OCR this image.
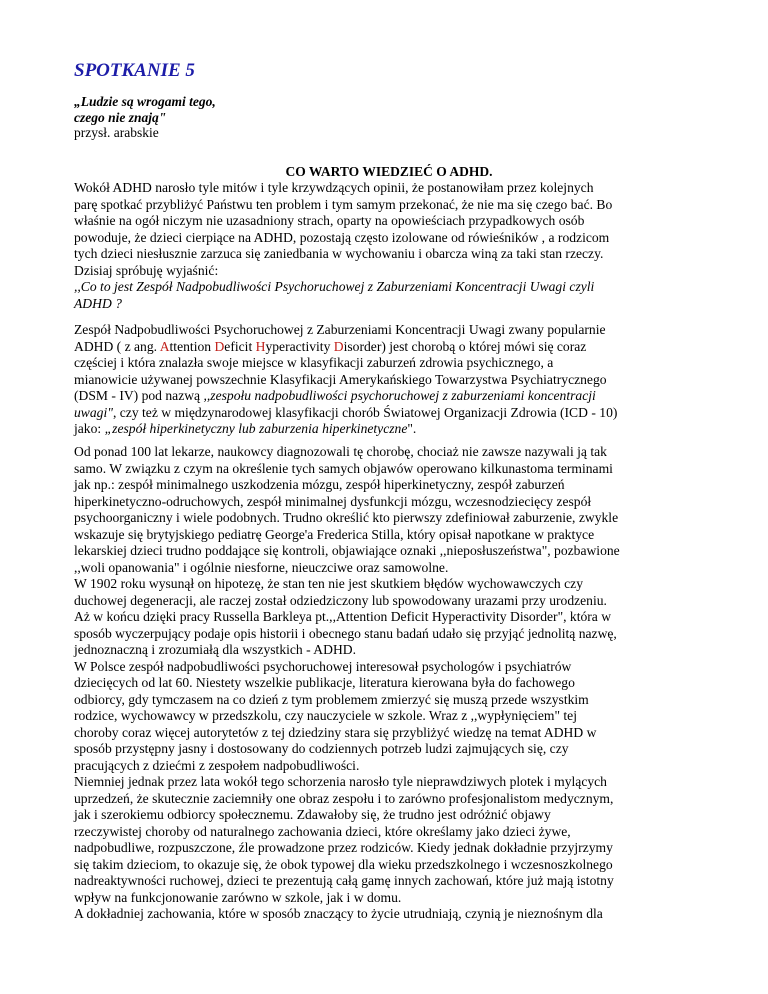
SPOTKANIE 5
„Ludzie są wrogami tego,
czego nie znają"
przysł. arabskie
CO WARTO WIEDZIEĆ O ADHD.
Wokół ADHD narosło tyle mitów i tyle krzywdzących opinii, że postanowiłam przez kolejnych
parę spotkać przybliżyć Państwu ten problem i tym samym przekonać, że nie ma się czego bać. Bo
właśnie na ogół niczym nie uzasadniony strach, oparty na opowieściach przypadkowych osób
powoduje, że dzieci cierpiące na ADHD, pozostają często izolowane od rówieśników , a rodzicom
tych dzieci niesłusznie zarzuca się zaniedbania w wychowaniu i obarcza winą za taki stan rzeczy.
Dzisiaj spróbuję wyjaśnić:
,,Co to jest Zespół Nadpobudliwości Psychoruchowej z Zaburzeniami Koncentracji Uwagi czyli
ADHD ?
Zespół Nadpobudliwości Psychoruchowej z Zaburzeniami Koncentracji Uwagi zwany popularnie
ADHD ( z ang. Attention Deficit Hyperactivity Disorder) jest chorobą o której mówi się coraz
częściej i która znalazła swoje miejsce w klasyfikacji zaburzeń zdrowia psychicznego, a
mianowicie używanej powszechnie Klasyfikacji Amerykańskiego Towarzystwa Psychiatrycznego
(DSM - IV) pod nazwą ,,zespołu nadpobudliwości psychoruchowej z zaburzeniami koncentracji
uwagi", czy też w międzynarodowej klasyfikacji chorób Światowej Organizacji Zdrowia (ICD - 10)
jako: „zespół hiperkinetyczny lub zaburzenia hiperkinetyczne".
Od ponad 100 lat lekarze, naukowcy diagnozowali tę chorobę, chociaż nie zawsze nazywali ją tak
samo. W związku z czym na określenie tych samych objawów operowano kilkunastoma terminami
jak np.: zespół minimalnego uszkodzenia mózgu, zespół hiperkinetyczny, zespół zaburzeń
hiperkinetyczno-odruchowych, zespół minimalnej dysfunkcji mózgu, wczesnodziecięcy zespół
psychoorganiczny i wiele podobnych. Trudno określić kto pierwszy zdefiniował zaburzenie, zwykle
wskazuje się brytyjskiego pediatrę George'a Frederica Stilla, który opisał napotkane w praktyce
lekarskiej dzieci trudno poddające się kontroli, objawiające oznaki ,,nieposłuszeństwa", pozbawione
,,woli opanowania" i ogólnie niesforne, nieuczciwe oraz samowolne.
W 1902 roku wysunął on hipotezę, że stan ten nie jest skutkiem błędów wychowawczych czy
duchowej degeneracji, ale raczej został odziedziczony lub spowodowany urazami przy urodzeniu.
Aż w końcu dzięki pracy Russella Barkleya pt.,,Attention Deficit Hyperactivity Disorder", która w
sposób wyczerpujący podaje opis historii i obecnego stanu badań udało się przyjąć jednolitą nazwę,
jednoznaczną i zrozumiałą dla wszystkich - ADHD.
W Polsce zespół nadpobudliwości psychoruchowej interesował psychologów i psychiatrów
dziecięcych od lat 60. Niestety wszelkie publikacje, literatura kierowana była do fachowego
odbiorcy, gdy tymczasem na co dzień z tym problemem zmierzyć się muszą przede wszystkim
rodzice, wychowawcy w przedszkolu, czy nauczyciele w szkole. Wraz z ,,wypłynięciem" tej
choroby coraz więcej autorytetów z tej dziedziny stara się przybliżyć wiedzę na temat ADHD w
sposób przystępny jasny i dostosowany do codziennych potrzeb ludzi zajmujących się, czy
pracujących z dziećmi z zespołem nadpobudliwości.
Niemniej jednak przez lata wokół tego schorzenia narosło tyle nieprawdziwych plotek i mylących
uprzedzeń, że skutecznie zaciemniły one obraz zespołu i to zarówno profesjonalistom medycznym,
jak i szerokiemu odbiorcy społecznemu. Zdawałoby się, że trudno jest odróżnić objawy
rzeczywistej choroby od naturalnego zachowania dzieci, które określamy jako dzieci żywe,
nadpobudliwe, rozpuszczone, źle prowadzone przez rodziców. Kiedy jednak dokładnie przyjrzymy
się takim dzieciom, to okazuje się, że obok typowej dla wieku przedszkolnego i wczesnoszkolnego
nadreaktywności ruchowej, dzieci te prezentują całą gamę innych zachowań, które już mają istotny
wpływ na funkcjonowanie zarówno w szkole, jak i w domu.
A dokładniej zachowania, które w sposób znaczący to życie utrudniają, czynią je nieznośnym dla
